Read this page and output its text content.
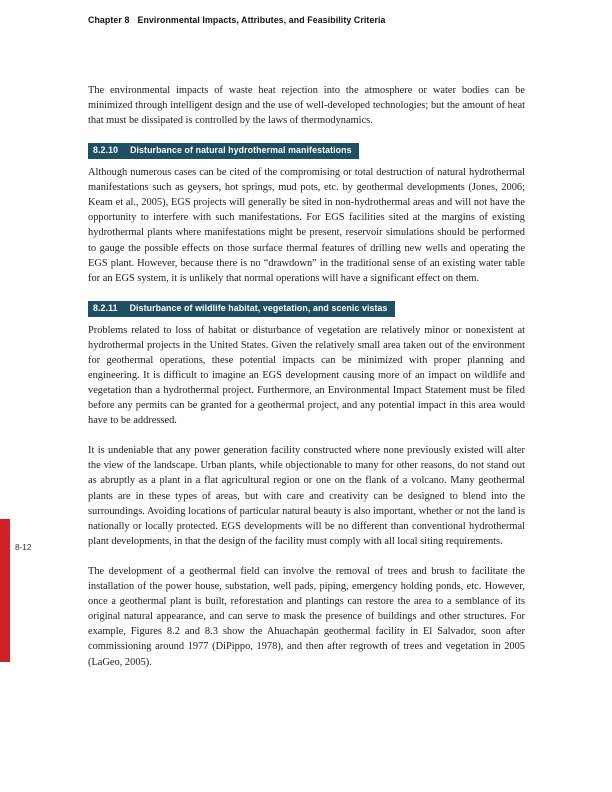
Chapter 8 Environmental Impacts, Attributes, and Feasibility Criteria

The environmental impacts of waste heat rejection into the atmosphere or water bodies can be minimized through intelligent design and the use of well-developed technologies; but the amount of heat that must be dissipated is controlled by the laws of thermodynamics.

8.2.10 Disturbance of natural hydrothermal manifestations

Although numerous cases can be cited of the compromising or total destruction of natural hydrothermal manifestations such as geysers, hot springs, mud pots, etc. by geothermal developments (Jones, 2006; Keam et al., 2005), EGS projects will generally be sited in non-hydrothermal areas and will not have the opportunity to interfere with such manifestations. For EGS facilities sited at the margins of existing hydrothermal plants where manifestations might be present, reservoir simulations should be performed to gauge the possible effects on those surface thermal features of drilling new wells and operating the EGS plant. However, because there is no “drawdown” in the traditional sense of an existing water table for an EGS system, it is unlikely that normal operations will have a significant effect on them.

8.2.11 Disturbance of wildlife habitat, vegetation, and scenic vistas

Problems related to loss of habitat or disturbance of vegetation are relatively minor or nonexistent at hydrothermal projects in the United States. Given the relatively small area taken out of the environment for geothermal operations, these potential impacts can be minimized with proper planning and engineering. It is difficult to imagine an EGS development causing more of an impact on wildlife and vegetation than a hydrothermal project. Furthermore, an Environmental Impact Statement must be filed before any permits can be granted for a geothermal project, and any potential impact in this area would have to be addressed.

It is undeniable that any power generation facility constructed where none previously existed will alter the view of the landscape. Urban plants, while objectionable to many for other reasons, do not stand out as abruptly as a plant in a flat agricultural region or one on the flank of a volcano. Many geothermal plants are in these types of areas, but with care and creativity can be designed to blend into the surroundings. Avoiding locations of particular natural beauty is also important, whether or not the land is nationally or locally protected. EGS developments will be no different than conventional hydrothermal plant developments, in that the design of the facility must comply with all local siting requirements.

The development of a geothermal field can involve the removal of trees and brush to facilitate the installation of the power house, substation, well pads, piping, emergency holding ponds, etc. However, once a geothermal plant is built, reforestation and plantings can restore the area to a semblance of its original natural appearance, and can serve to mask the presence of buildings and other structures. For example, Figures 8.2 and 8.3 show the Ahuachapán geothermal facility in El Salvador, soon after commissioning around 1977 (DiPippo, 1978), and then after regrowth of trees and vegetation in 2005 (LaGeo, 2005).

8-12
